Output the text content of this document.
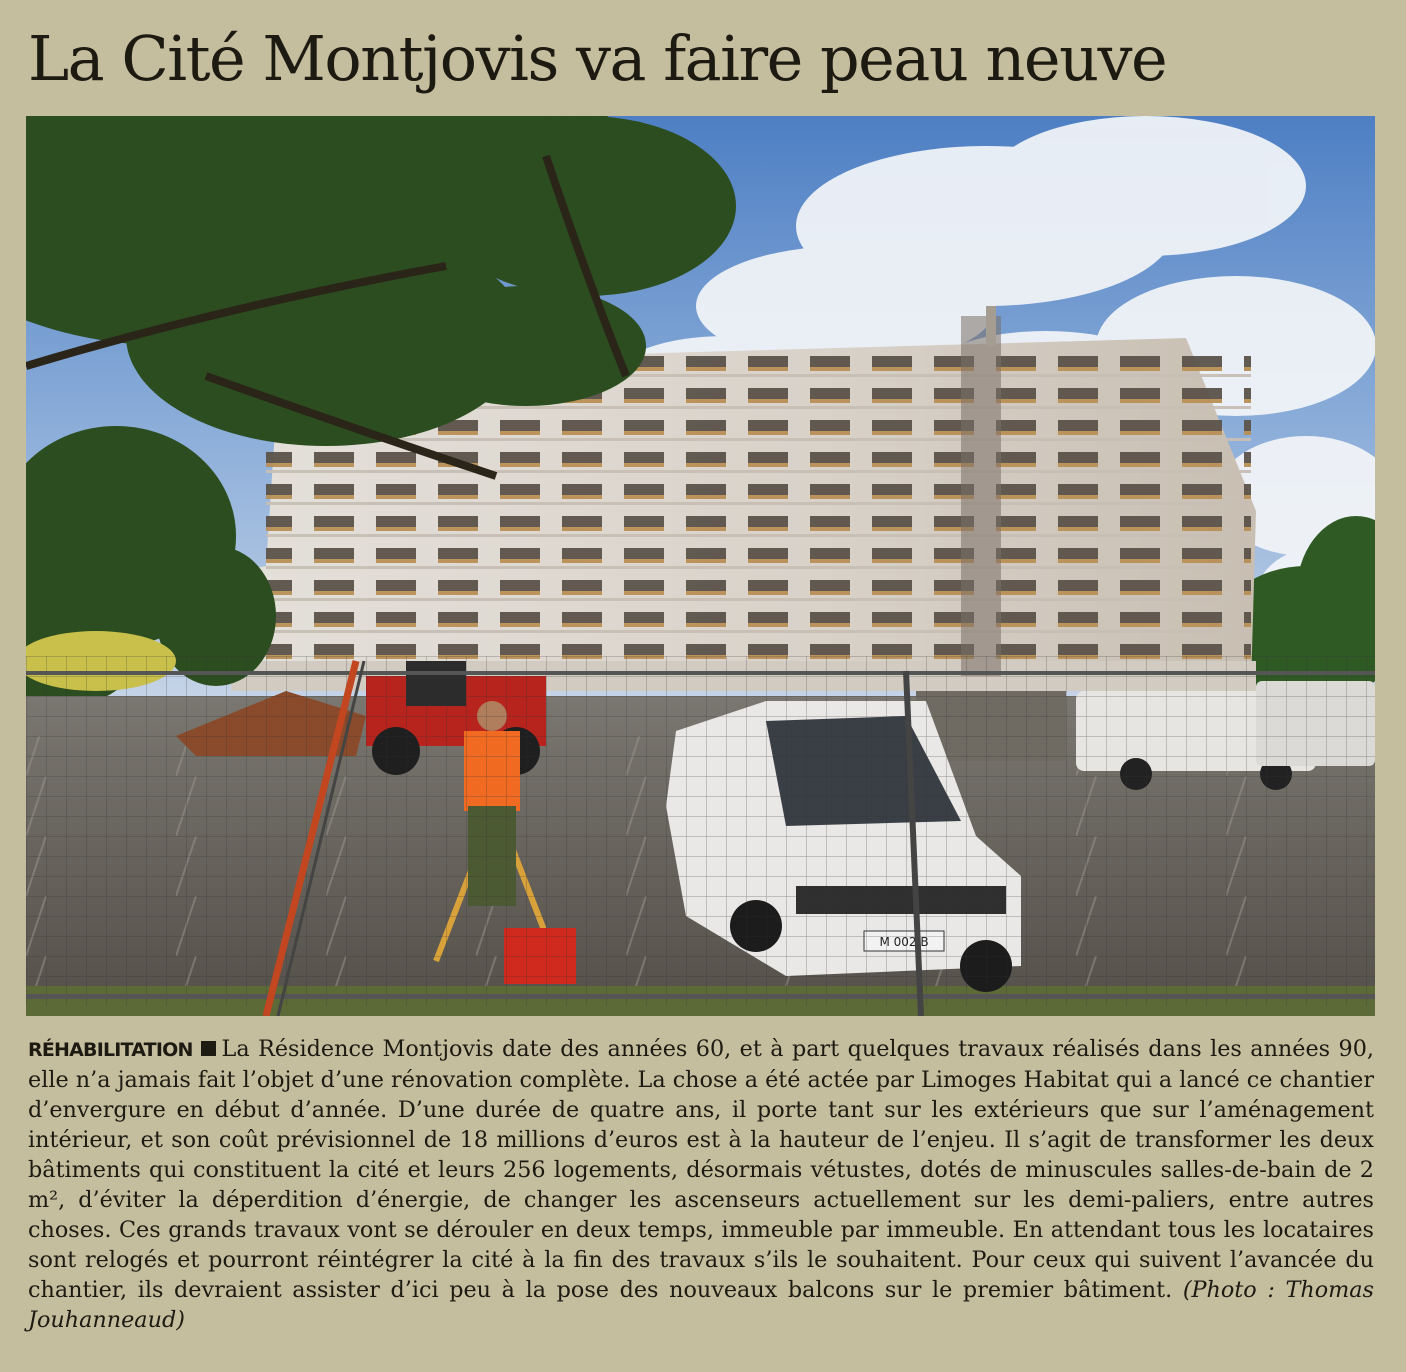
La Cité Montjovis va faire peau neuve

RÉHABILITATION La Résidence Montjovis date des années 60, et à part quelques travaux réalisés dans les années 90, elle n’a jamais fait l’objet d’une rénovation complète. La chose a été actée par Limoges Habitat qui a lancé ce chantier d’envergure en début d’année. D’une durée de quatre ans, il porte tant sur les extérieurs que sur l’aménagement intérieur, et son coût prévisionnel de 18 millions d’euros est à la hauteur de l’enjeu. Il s’agit de transformer les deux bâtiments qui constituent la cité et leurs 256 logements, désormais vétustes, dotés de minuscules salles-de-bain de 2 m², d’éviter la déperdition d’énergie, de changer les ascenseurs actuellement sur les demi-paliers, entre autres choses. Ces grands travaux vont se dérouler en deux temps, immeuble par immeuble. En attendant tous les locataires sont relogés et pourront réintégrer la cité à la fin des travaux s’ils le souhaitent. Pour ceux qui suivent l’avancée du chantier, ils devraient assister d’ici peu à la pose des nouveaux balcons sur le premier bâtiment. (Photo : Thomas Jouhanneaud)
